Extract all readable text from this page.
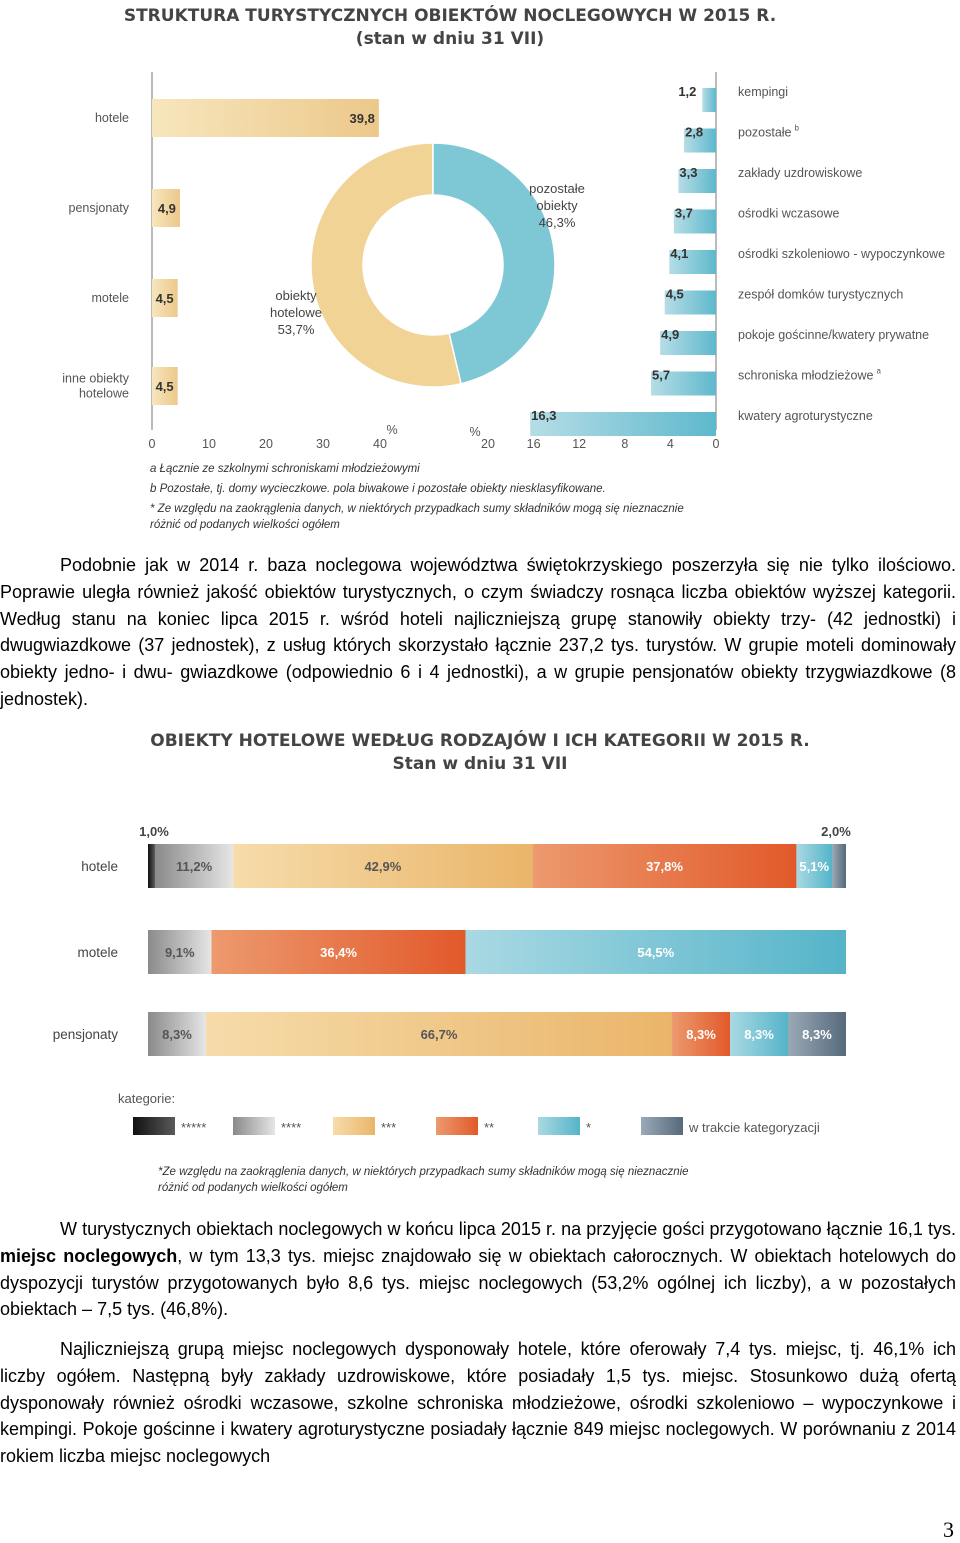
STRUKTURA TURYSTYCZNYCH OBIEKTÓW NOCLEGOWYCH W 2015 R.
(stan w dniu 31 VII)
39,8
hotele
4,9
pensjonaty
4,5
motele
4,5
inne obiekty
hotelowe
0	10	20	30	40
%
obiekty
hotelowe
53,7%
pozostałe
obiekty
46,3%
1,2	kempingi
2,8	pozostałe $^b$
3,3	zakłady uzdrowiskowe
3,7	ośrodki wczasowe
4,1	ośrodki szkoleniowo - wypoczynkowe
4,5	zespół domków turystycznych
4,9	pokoje gościnne/kwatery prywatne
5,7	schroniska młodzieżowe $^a$
16,3	kwatery agroturystyczne
20	16	12	8	4	0
%
a Łącznie ze szkolnymi schroniskami młodzieżowymi
b Pozostałe, tj. domy wycieczkowe. pola biwakowe i pozostałe obiekty niesklasyfikowane.
* Ze względu na zaokrąglenia danych, w niektórych przypadkach sumy składników mogą się nieznacznie
różnić od podanych wielkości ogółem
Podobnie jak w 2014 r. baza noclegowa województwa świętokrzyskiego poszerzyła się nie tylko ilościowo. Poprawie uległa również jakość obiektów turystycznych, o czym świadczy rosnąca liczba obiektów wyższej kategorii. Według stanu na koniec lipca 2015 r. wśród hoteli najliczniejszą grupę stanowiły obiekty trzy- (42 jednostki) i dwugwiazdkowe (37 jednostek), z usług których skorzystało łącznie 237,2 tys. turystów. W grupie moteli dominowały obiekty jedno- i dwu- gwiazdkowe (odpowiednio 6 i 4 jednostki), a w grupie pensjonatów obiekty trzygwiazdkowe (8 jednostek).
OBIEKTY HOTELOWE WEDŁUG RODZAJÓW I ICH KATEGORII W 2015 R.
Stan w dniu 31 VII
hotele
1,0%
11,2%	42,9%	37,8%	5,1%
2,0%
motele	9,1%	36,4%	54,5%
pensjonaty	8,3%	66,7%	8,3% 8,3% 8,3%
kategorie:
*****	****	***	**	*	w trakcie kategoryzacji
*Ze względu na zaokrąglenia danych, w niektórych przypadkach sumy składników mogą się nieznacznie
różnić od podanych wielkości ogółem
W turystycznych obiektach noclegowych w końcu lipca 2015 r. na przyjęcie gości przygotowano łącznie 16,1 tys. miejsc noclegowych, w tym 13,3 tys. miejsc znajdowało się w obiektach całorocznych. W obiektach hotelowych do dyspozycji turystów przygotowanych było 8,6 tys. miejsc noclegowych (53,2% ogólnej ich liczby), a w pozostałych obiektach – 7,5 tys. (46,8%).
Najliczniejszą grupą miejsc noclegowych dysponowały hotele, które oferowały 7,4 tys. miejsc, tj. 46,1% ich liczby ogółem. Następną były zakłady uzdrowiskowe, które posiadały 1,5 tys. miejsc. Stosunkowo dużą ofertą dysponowały również ośrodki wczasowe, szkolne schroniska młodzieżowe, ośrodki szkoleniowo – wypoczynkowe i kempingi. Pokoje gościnne i kwatery agroturystyczne posiadały łącznie 849 miejsc noclegowych. W porównaniu z 2014 rokiem liczba miejsc noclegowych
3
